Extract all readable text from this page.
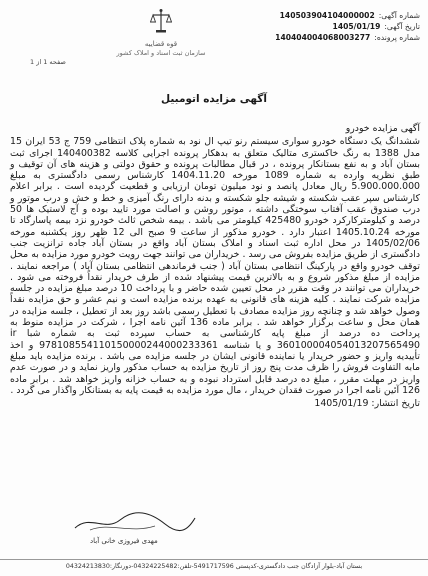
شماره آگهی:
140503904104000002
تاریخ آگهی:
1405/01/19
شماره پرونده:
140404004068003277
قوه قضاییه
سازمان ثبت اسناد و املاک کشور
صفحه 1 از 1
آگهی مزایده اتومبیل

آگهی مزایده خودرو

ششدانگ یک دستگاه خودرو سواری سیستم رنو تیپ ال نود به شماره پلاک انتظامی 759 ج 53 ایران 15 مدل 1388 به رنگ خاکستری متالیک متعلق به بدهکار پرونده اجرایی کلاسه 140400382 اجرای ثبت بستان آباد و به نفع بستانکار پرونده ، در قبال مطالبات پرونده و حقوق دولتی و هزینه های آن توقیف و طبق نظریه وارده به شماره 1089 مورخه 1404.11.20 کارشناس رسمی دادگستری به مبلغ 5.900.000.000 ریال معادل پانصد و نود میلیون تومان ارزیابی و قطعیت گردیده است . برابر اعلام کارشناس سپر عقب شکسته و شیشه جلو شکسته و بدنه دارای رنگ آمیزی و خط و خش و درب موتور و درب صندوق عقب آفتاب سوختگی داشته ، موتور روشن و اصالت مورد تایید بوده و آج لاستیک ها 50 درصد و کیلومترکارکرد خودرو 425480 کیلومتر می باشد . بیمه شخص ثالث خودرو نزد بیمه پاسارگاد تا مورخه 1405.10.24 اعتبار دارد . خودرو مذکور از ساعت 9 صبح الی 12 ظهر روز یکشنبه مورخه 1405/02/06 در محل اداره ثبت اسناد و املاک بستان آباد واقع در بستان آباد جاده ترانزیت جنب دادگستری از طریق مزایده بفروش می رسد . خریداران می توانند جهت رویت خودرو مورد مزایده به محل توقف خودرو واقع در پارکینگ انتظامی بستان آباد ( جنب فرماندهی انتظامی بستان آباد ) مراجعه نمایند . مزایده از مبلغ مذکور شروع و به بالاترین قیمت پیشنهاد شده از طرف خریدار نقداً فروخته می شود . خریداران می توانند در وقت مقرر در محل تعیین شده حاضر و با پرداخت 10 درصد مبلغ مزایده در جلسه مزایده شرکت نمایند . کلیه هزینه های قانونی به عهده برنده مزایده است و نیم عشر و حق مزایده نقداً وصول خواهد شد و چنانچه روز مزایده مصادف با تعطیل رسمی باشد روز بعد از تعطیل ، جلسه مزایده در همان محل و ساعت برگزار خواهد شد . برابر ماده 136 آئین نامه اجرا ، شرکت در مزایده منوط به پرداخت ده درصد از مبلغ پایه کارشناسی به حساب سپرده ثبت به شماره شبا ir 360100004054013207565490 و یا شناسه 978108554110150000244000233361 و اخذ تأییدیه واریز و حضور خریدار یا نماینده قانونی ایشان در جلسه مزایده می باشد . برنده مزایده باید مبلغ مابه التفاوت فروش را ظرف مدت پنج روز از تاریخ مزایده به حساب مذکور واریز نماید و در صورت عدم واریز در مهلت مقرر ، مبلغ ده درصد قابل استرداد نبوده و به حساب خزانه واریز خواهد شد . برابر ماده 126 آئین نامه اجرا در صورت فقدان خریدار ، مال مورد مزایده به قیمت پایه به بستانکار واگذار می گردد .

تاریخ انتشار: 1405/01/19

مهدی فیروزی خانی آباد
بستان آباد-بلوار آزادگان جنب دادگستری-کدپستی 5491717596-تلفن:04324225482-دورنگار:04324213830
